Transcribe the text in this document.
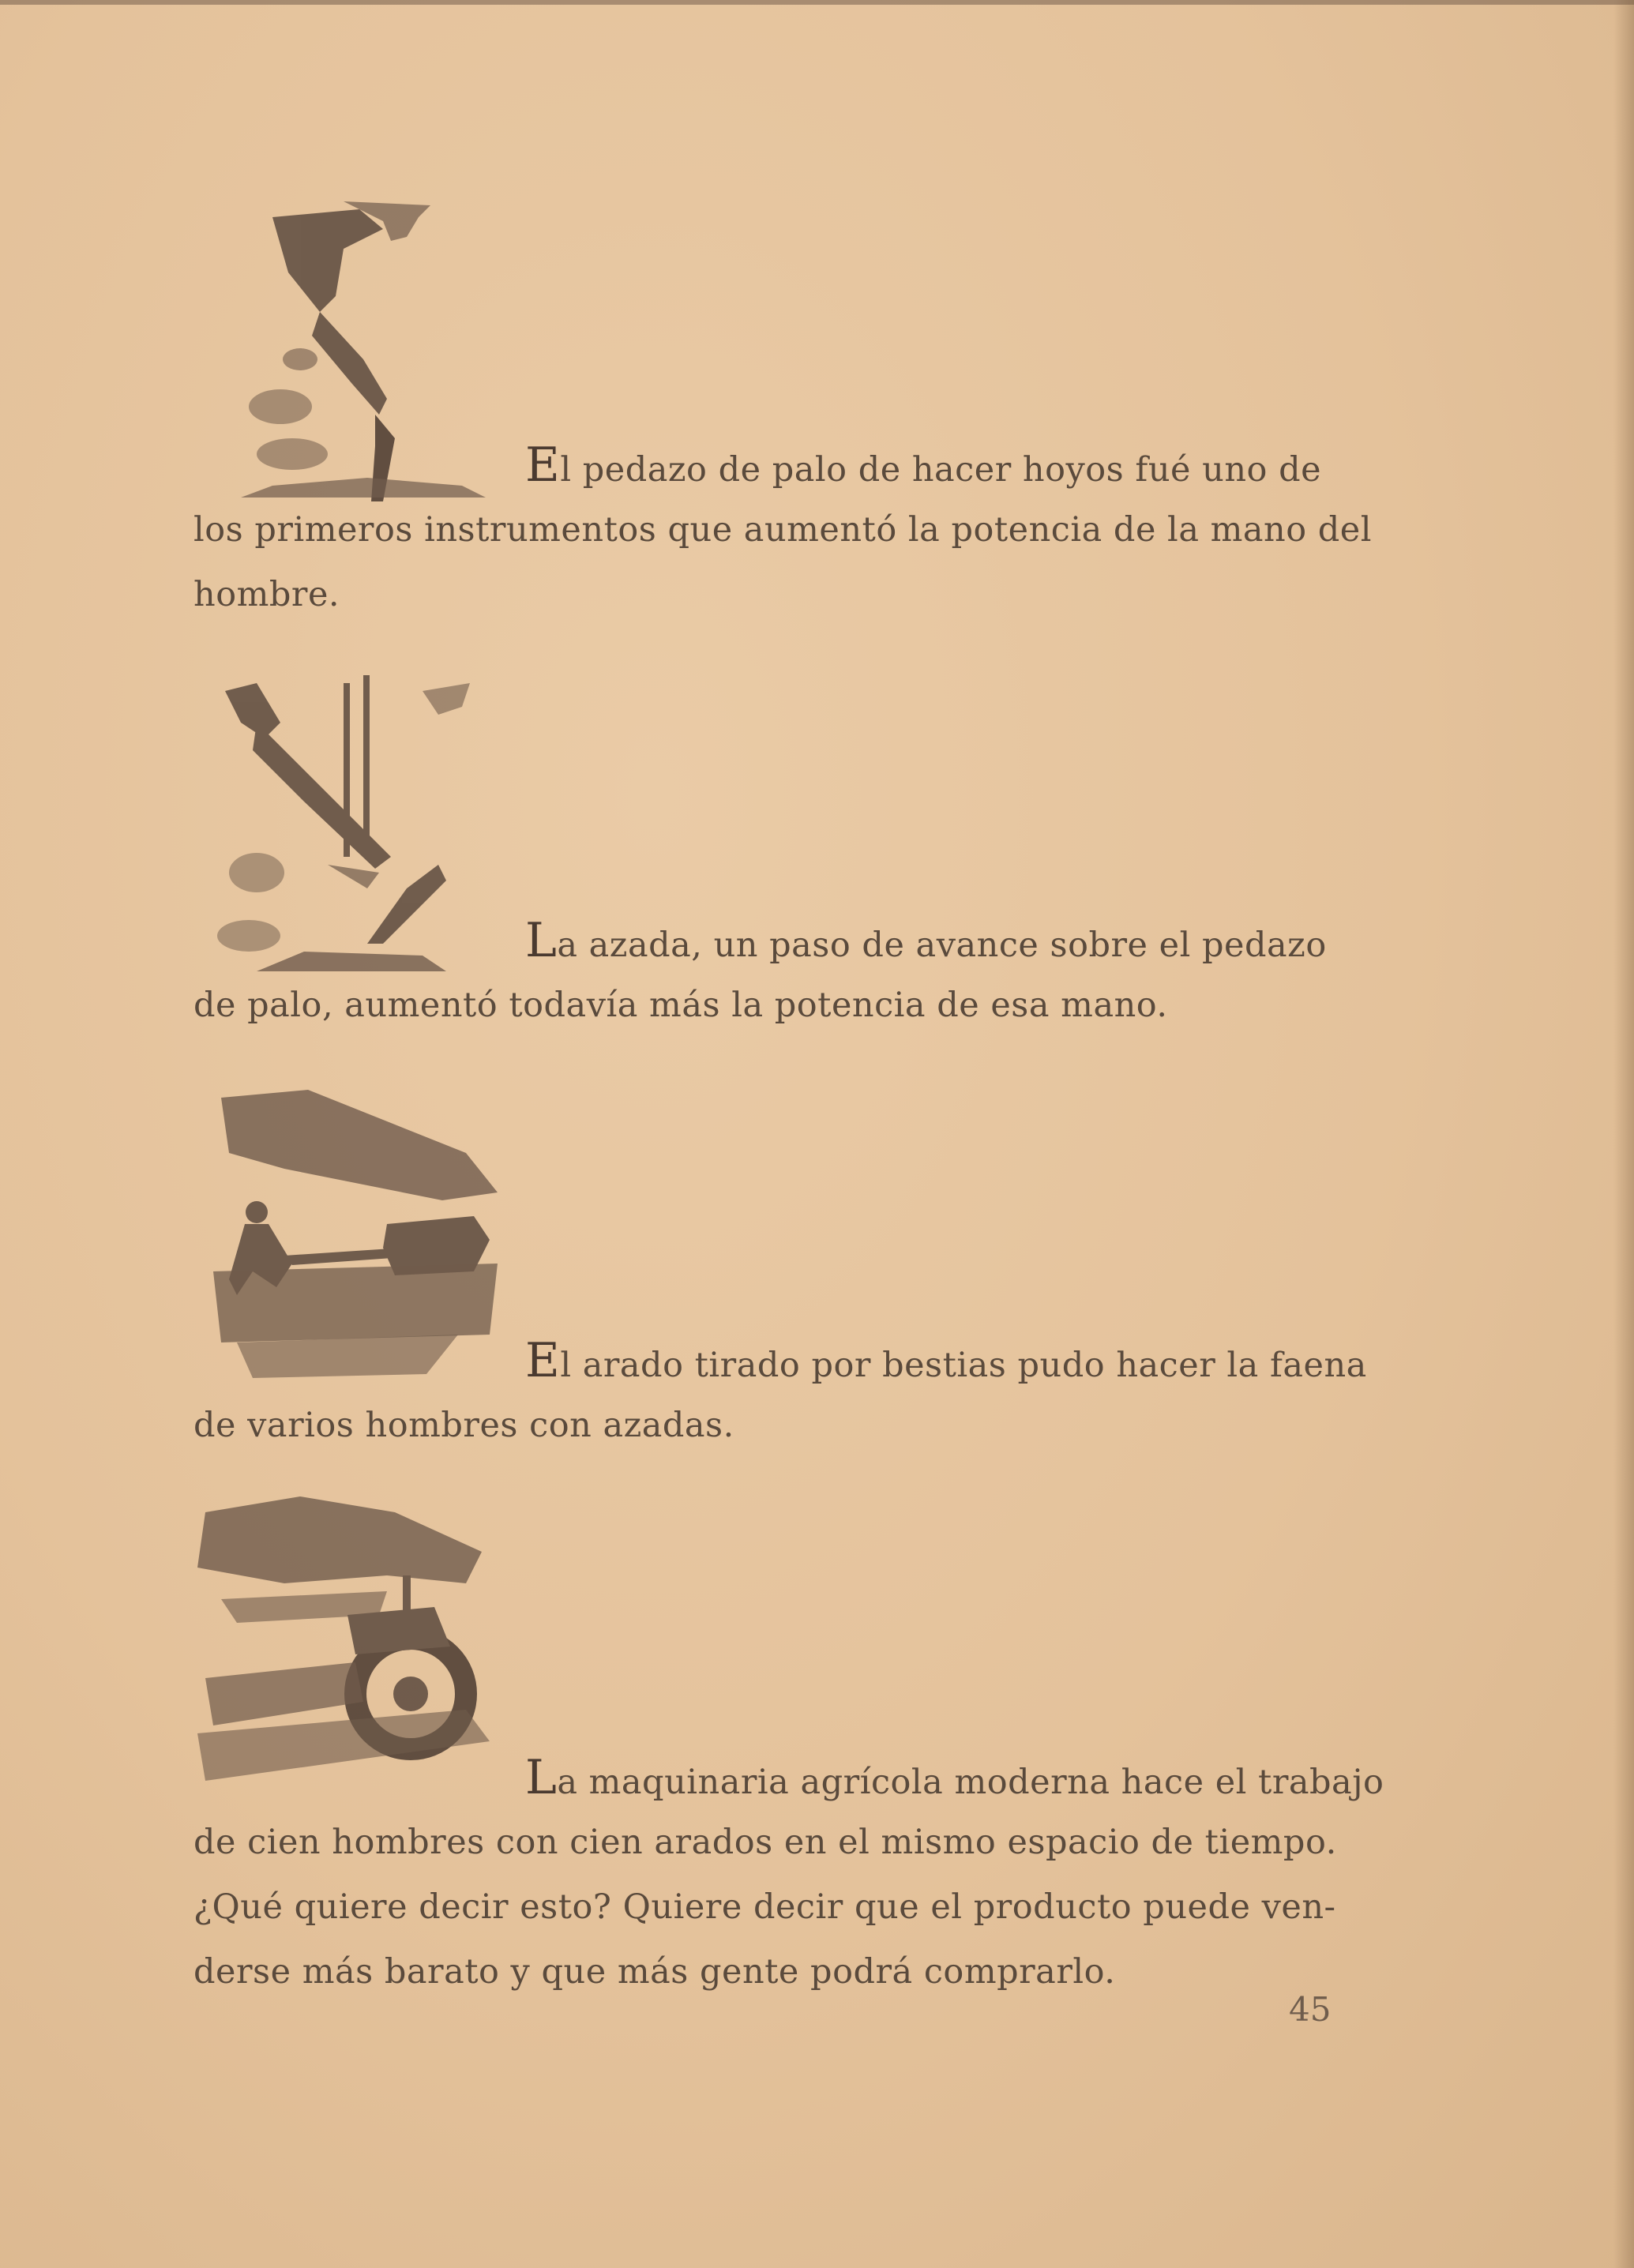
El pedazo de palo de hacer hoyos fué uno de
los primeros instrumentos que aumentó la potencia de la mano del
hombre.
La azada, un paso de avance sobre el pedazo
de palo, aumentó todavía más la potencia de esa mano.
El arado tirado por bestias pudo hacer la faena
de varios hombres con azadas.
La maquinaria agrícola moderna hace el trabajo
de cien hombres con cien arados en el mismo espacio de tiempo.
¿Qué quiere decir esto? Quiere decir que el producto puede ven-
derse más barato y que más gente podrá comprarlo.
45
